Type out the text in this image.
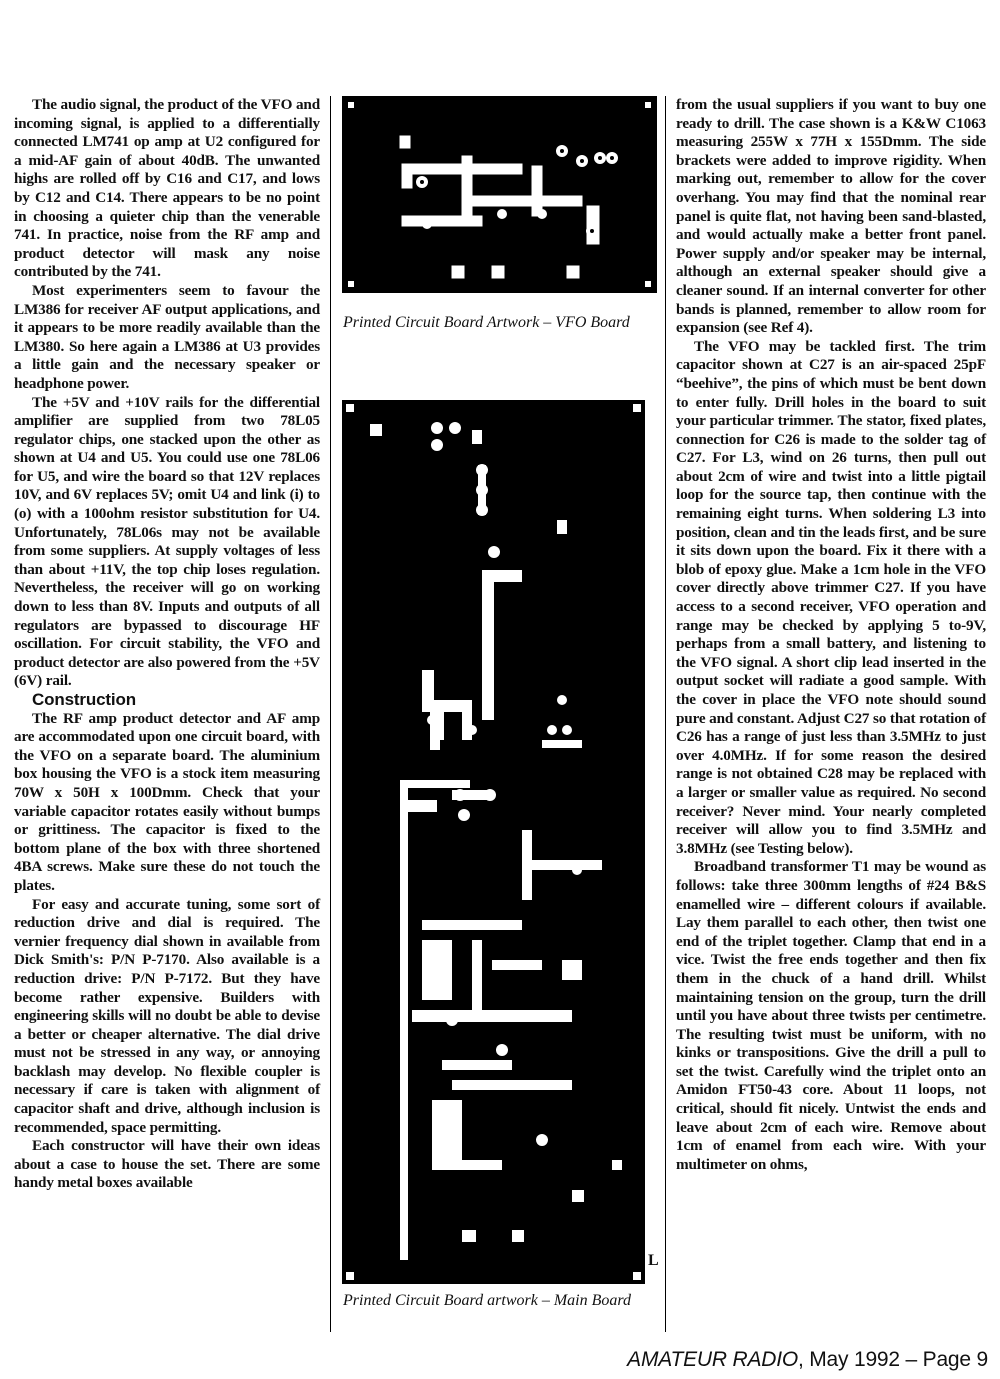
The audio signal, the product of the VFO and incoming signal, is applied to a differentially connected LM741 op amp at U2 configured for a mid-AF gain of about 40dB. The unwanted highs are rolled off by C16 and C17, and lows by C12 and C14. There appears to be no point in choosing a quieter chip than the venerable 741. In practice, noise from the RF amp and product detector will mask any noise contributed by the 741.

Most experimenters seem to favour the LM386 for receiver AF output applications, and it appears to be more readily available than the LM380. So here again a LM386 at U3 provides a little gain and the necessary speaker or headphone power.

The +5V and +10V rails for the differential amplifier are supplied from two 78L05 regulator chips, one stacked upon the other as shown at U4 and U5. You could use one 78L06 for U5, and wire the board so that 12V replaces 10V, and 6V replaces 5V; omit U4 and link (i) to (o) with a 100ohm resistor substitution for U4. Unfortunately, 78L06s may not be available from some suppliers. At supply voltages of less than about +11V, the top chip loses regulation. Nevertheless, the receiver will go on working down to less than 8V. Inputs and outputs of all regulators are bypassed to discourage HF oscillation. For circuit stability, the VFO and product detector are also powered from the +5V (6V) rail.

Construction

The RF amp product detector and AF amp are accommodated upon one circuit board, with the VFO on a separate board. The aluminium box housing the VFO is a stock item measuring 70W x 50H x 100Dmm. Check that your variable capacitor rotates easily without bumps or grittiness. The capacitor is fixed to the bottom plane of the box with three shortened 4BA screws. Make sure these do not touch the plates.

For easy and accurate tuning, some sort of reduction drive and dial is required. The vernier frequency dial shown in available from Dick Smith's: P/N P-7170. Also available is a reduction drive: P/N P-7172. But they have become rather expensive. Builders with engineering skills will no doubt be able to devise a better or cheaper alternative. The dial drive must not be stressed in any way, or annoying backlash may develop. No flexible coupler is necessary if care is taken with alignment of capacitor shaft and drive, although inclusion is recommended, space permitting.

Each constructor will have their own ideas about a case to house the set. There are some handy metal boxes available

Printed Circuit Board Artwork – VFO Board
L
Printed Circuit Board artwork – Main Board

from the usual suppliers if you want to buy one ready to drill. The case shown is a K&W C1063 measuring 255W x 77H x 155Dmm. The side brackets were added to improve rigidity. When marking out, remember to allow for the cover overhang. You may find that the nominal rear panel is quite flat, not having been sand-blasted, and would actually make a better front panel. Power supply and/or speaker may be internal, although an external speaker should give a cleaner sound. If an internal converter for other bands is planned, remember to allow room for expansion (see Ref 4).

The VFO may be tackled first. The trim capacitor shown at C27 is an air-spaced 25pF “beehive”, the pins of which must be bent down to enter fully. Drill holes in the board to suit your particular trimmer. The stator, fixed plates, connection for C26 is made to the solder tag of C27. For L3, wind on 26 turns, then pull out about 2cm of wire and twist into a little pigtail loop for the source tap, then continue with the remaining eight turns. When soldering L3 into position, clean and tin the leads first, and be sure it sits down upon the board. Fix it there with a blob of epoxy glue. Make a 1cm hole in the VFO cover directly above trimmer C27. If you have access to a second receiver, VFO operation and range may be checked by applying 5 to-9V, perhaps from a small battery, and listening to the VFO signal. A short clip lead inserted in the output socket will radiate a good sample. With the cover in place the VFO note should sound pure and constant. Adjust C27 so that rotation of C26 has a range of just less than 3.5MHz to just over 4.0MHz. If for some reason the desired range is not obtained C28 may be replaced with a larger or smaller value as required. No second receiver? Never mind. Your nearly completed receiver will allow you to find 3.5MHz and 3.8MHz (see Testing below).

Broadband transformer T1 may be wound as follows: take three 300mm lengths of #24 B&S enamelled wire – different colours if available. Lay them parallel to each other, then twist one end of the triplet together. Clamp that end in a vice. Twist the free ends together and then fix them in the chuck of a hand drill. Whilst maintaining tension on the group, turn the drill until you have about three twists per centimetre. The resulting twist must be uniform, with no kinks or transpositions. Give the drill a pull to set the twist. Carefully wind the triplet onto an Amidon FT50-43 core. About 11 loops, not critical, should fit nicely. Untwist the ends and leave about 2cm of each wire. Remove about 1cm of enamel from each wire. With your multimeter on ohms,

AMATEUR RADIO, May 1992 – Page 9
